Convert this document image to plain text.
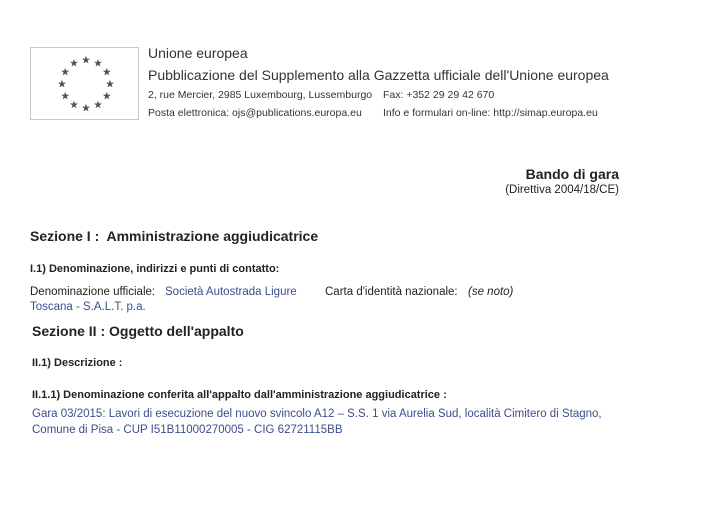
Unione europea
Pubblicazione del Supplemento alla Gazzetta ufficiale dell'Unione europea
2, rue Mercier, 2985 Luxembourg, Lussemburgo Fax: +352 29 29 42 670
Posta elettronica: ojs@publications.europa.eu Info e formulari on-line: http://simap.europa.eu
Bando di gara
(Direttiva 2004/18/CE)
Sezione I : Amministrazione aggiudicatrice
I.1) Denominazione, indirizzi e punti di contatto:
Denominazione ufficiale: Società Autostrada Ligure
Toscana - S.A.L.T. p.a.
Carta d'identità nazionale: (se noto)
Sezione II : Oggetto dell'appalto
II.1) Descrizione :
II.1.1) Denominazione conferita all'appalto dall'amministrazione aggiudicatrice :
Gara 03/2015: Lavori di esecuzione del nuovo svincolo A12 – S.S. 1 via Aurelia Sud, località Cimitero di Stagno,
Comune di Pisa - CUP I51B11000270005 - CIG 62721115BB
